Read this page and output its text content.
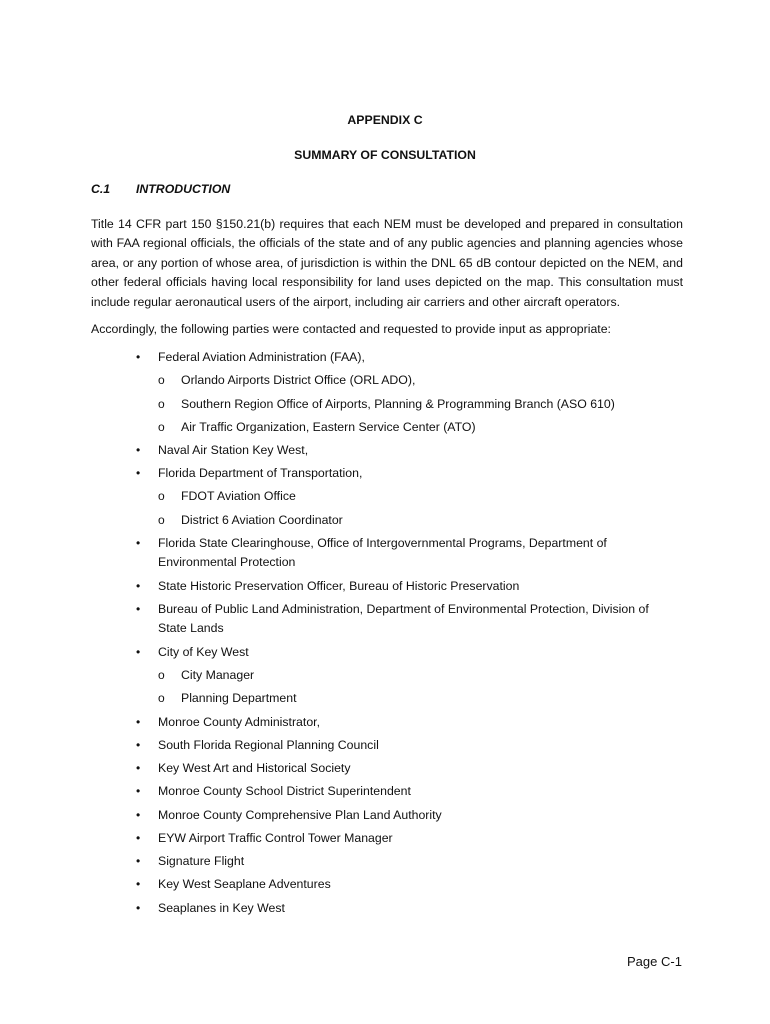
APPENDIX C
SUMMARY OF CONSULTATION
C.1 INTRODUCTION
Title 14 CFR part 150 §150.21(b) requires that each NEM must be developed and prepared in consultation with FAA regional officials, the officials of the state and of any public agencies and planning agencies whose area, or any portion of whose area, of jurisdiction is within the DNL 65 dB contour depicted on the NEM, and other federal officials having local responsibility for land uses depicted on the map. This consultation must include regular aeronautical users of the airport, including air carriers and other aircraft operators.
Accordingly, the following parties were contacted and requested to provide input as appropriate:
• Federal Aviation Administration (FAA),
o Orlando Airports District Office (ORL ADO),
o Southern Region Office of Airports, Planning & Programming Branch (ASO 610)
o Air Traffic Organization, Eastern Service Center (ATO)
• Naval Air Station Key West,
• Florida Department of Transportation,
o FDOT Aviation Office
o District 6 Aviation Coordinator
• Florida State Clearinghouse, Office of Intergovernmental Programs, Department of Environmental Protection
• State Historic Preservation Officer, Bureau of Historic Preservation
• Bureau of Public Land Administration, Department of Environmental Protection, Division of State Lands
• City of Key West
o City Manager
o Planning Department
• Monroe County Administrator,
• South Florida Regional Planning Council
• Key West Art and Historical Society
• Monroe County School District Superintendent
• Monroe County Comprehensive Plan Land Authority
• EYW Airport Traffic Control Tower Manager
• Signature Flight
• Key West Seaplane Adventures
• Seaplanes in Key West
Page C-1
